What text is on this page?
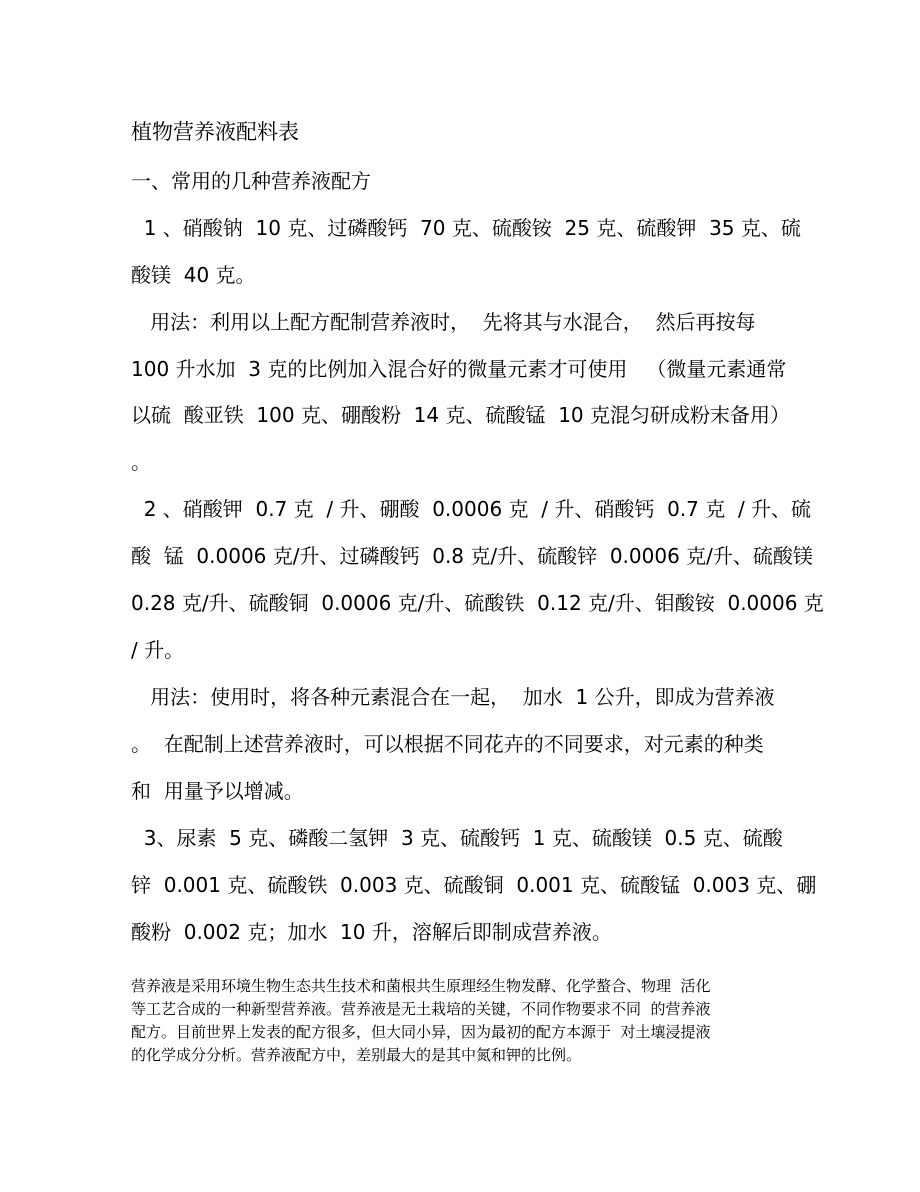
植物营养液配料表
一、常用的几种营养液配方
1 、硝酸钠  10 克、过磷酸钙  70 克、硫酸铵  25 克、硫酸钾  35 克、硫
酸镁  40 克。
用法：利用以上配方配制营养液时，  先将其与水混合，  然后再按每
100 升水加  3 克的比例加入混合好的微量元素才可使用   （微量元素通常
以硫  酸亚铁  100 克、硼酸粉  14 克、硫酸锰  10 克混匀研成粉末备用）
。
2 、硝酸钾  0.7 克  / 升、硼酸  0.0006 克  / 升、硝酸钙  0.7 克  / 升、硫
酸  锰  0.0006 克/升、过磷酸钙  0.8 克/升、硫酸锌  0.0006 克/升、硫酸镁
0.28 克/升、硫酸铜  0.0006 克/升、硫酸铁  0.12 克/升、钼酸铵  0.0006 克
/ 升。
用法：使用时，将各种元素混合在一起，  加水  1 公升，即成为营养液
。  在配制上述营养液时，可以根据不同花卉的不同要求，对元素的种类
和  用量予以增减。
3、尿素  5 克、磷酸二氢钾  3 克、硫酸钙  1 克、硫酸镁  0.5 克、硫酸
锌  0.001 克、硫酸铁  0.003 克、硫酸铜  0.001 克、硫酸锰  0.003 克、硼
酸粉  0.002 克；加水  10 升，溶解后即制成营养液。
营养液是采用环境生物生态共生技术和菌根共生原理经生物发酵、化学螯合、物理  活化
等工艺合成的一种新型营养液。营养液是无土栽培的关键，不同作物要求不同  的营养液
配方。目前世界上发表的配方很多，但大同小异，因为最初的配方本源于  对土壤浸提液
的化学成分分析。营养液配方中，差别最大的是其中氮和钾的比例。
